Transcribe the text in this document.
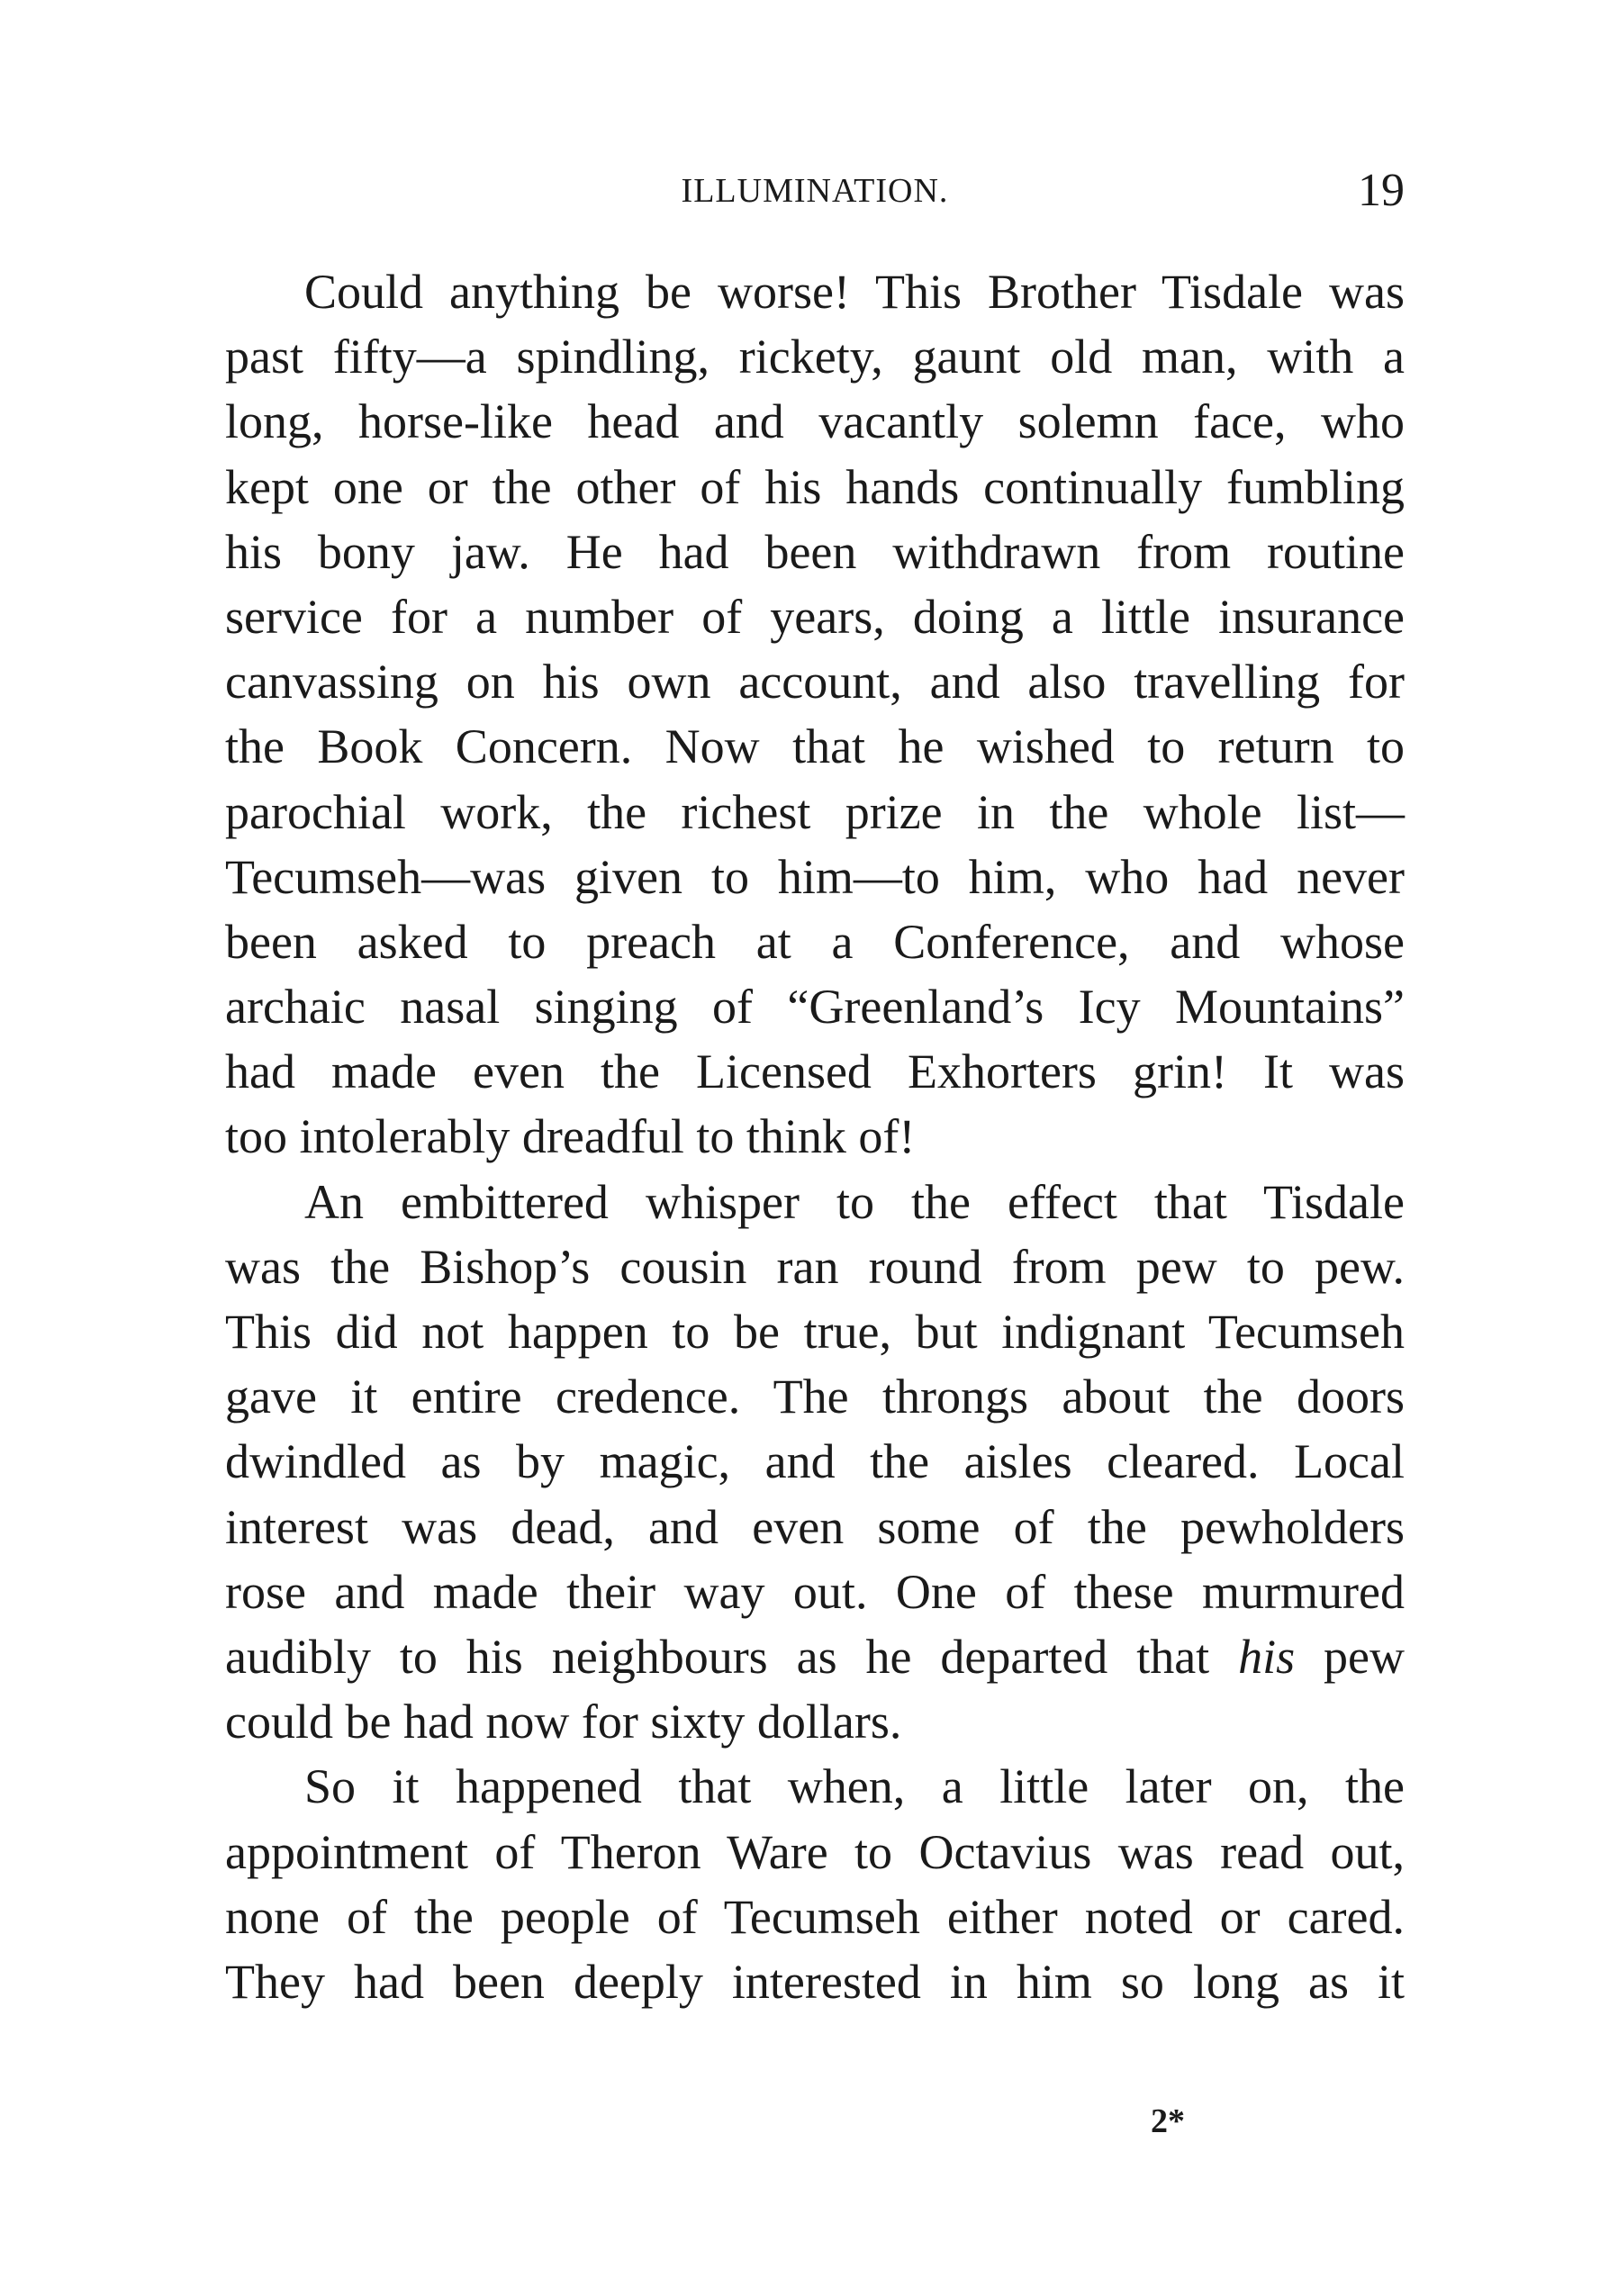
ILLUMINATION.	19
Could anything be worse! This Brother Tisdale was
past fifty—a spindling, rickety, gaunt old man, with a
long, horse-like head and vacantly solemn face, who
kept one or the other of his hands continually fumbling
his bony jaw. He had been withdrawn from routine
service for a number of years, doing a little insurance
canvassing on his own account, and also travelling for
the Book Concern. Now that he wished to return to
parochial work, the richest prize in the whole list—
Tecumseh—was given to him—to him, who had never
been asked to preach at a Conference, and whose
archaic nasal singing of “Greenland’s Icy Mountains”
had made even the Licensed Exhorters grin! It was
too intolerably dreadful to think of!
An embittered whisper to the effect that Tisdale
was the Bishop’s cousin ran round from pew to pew.
This did not happen to be true, but indignant Tecumseh
gave it entire credence. The throngs about the doors
dwindled as by magic, and the aisles cleared. Local
interest was dead, and even some of the pewholders
rose and made their way out. One of these murmured
audibly to his neighbours as he departed that his pew
could be had now for sixty dollars.
So it happened that when, a little later on, the
appointment of Theron Ware to Octavius was read out,
none of the people of Tecumseh either noted or cared.
They had been deeply interested in him so long as it
2*
